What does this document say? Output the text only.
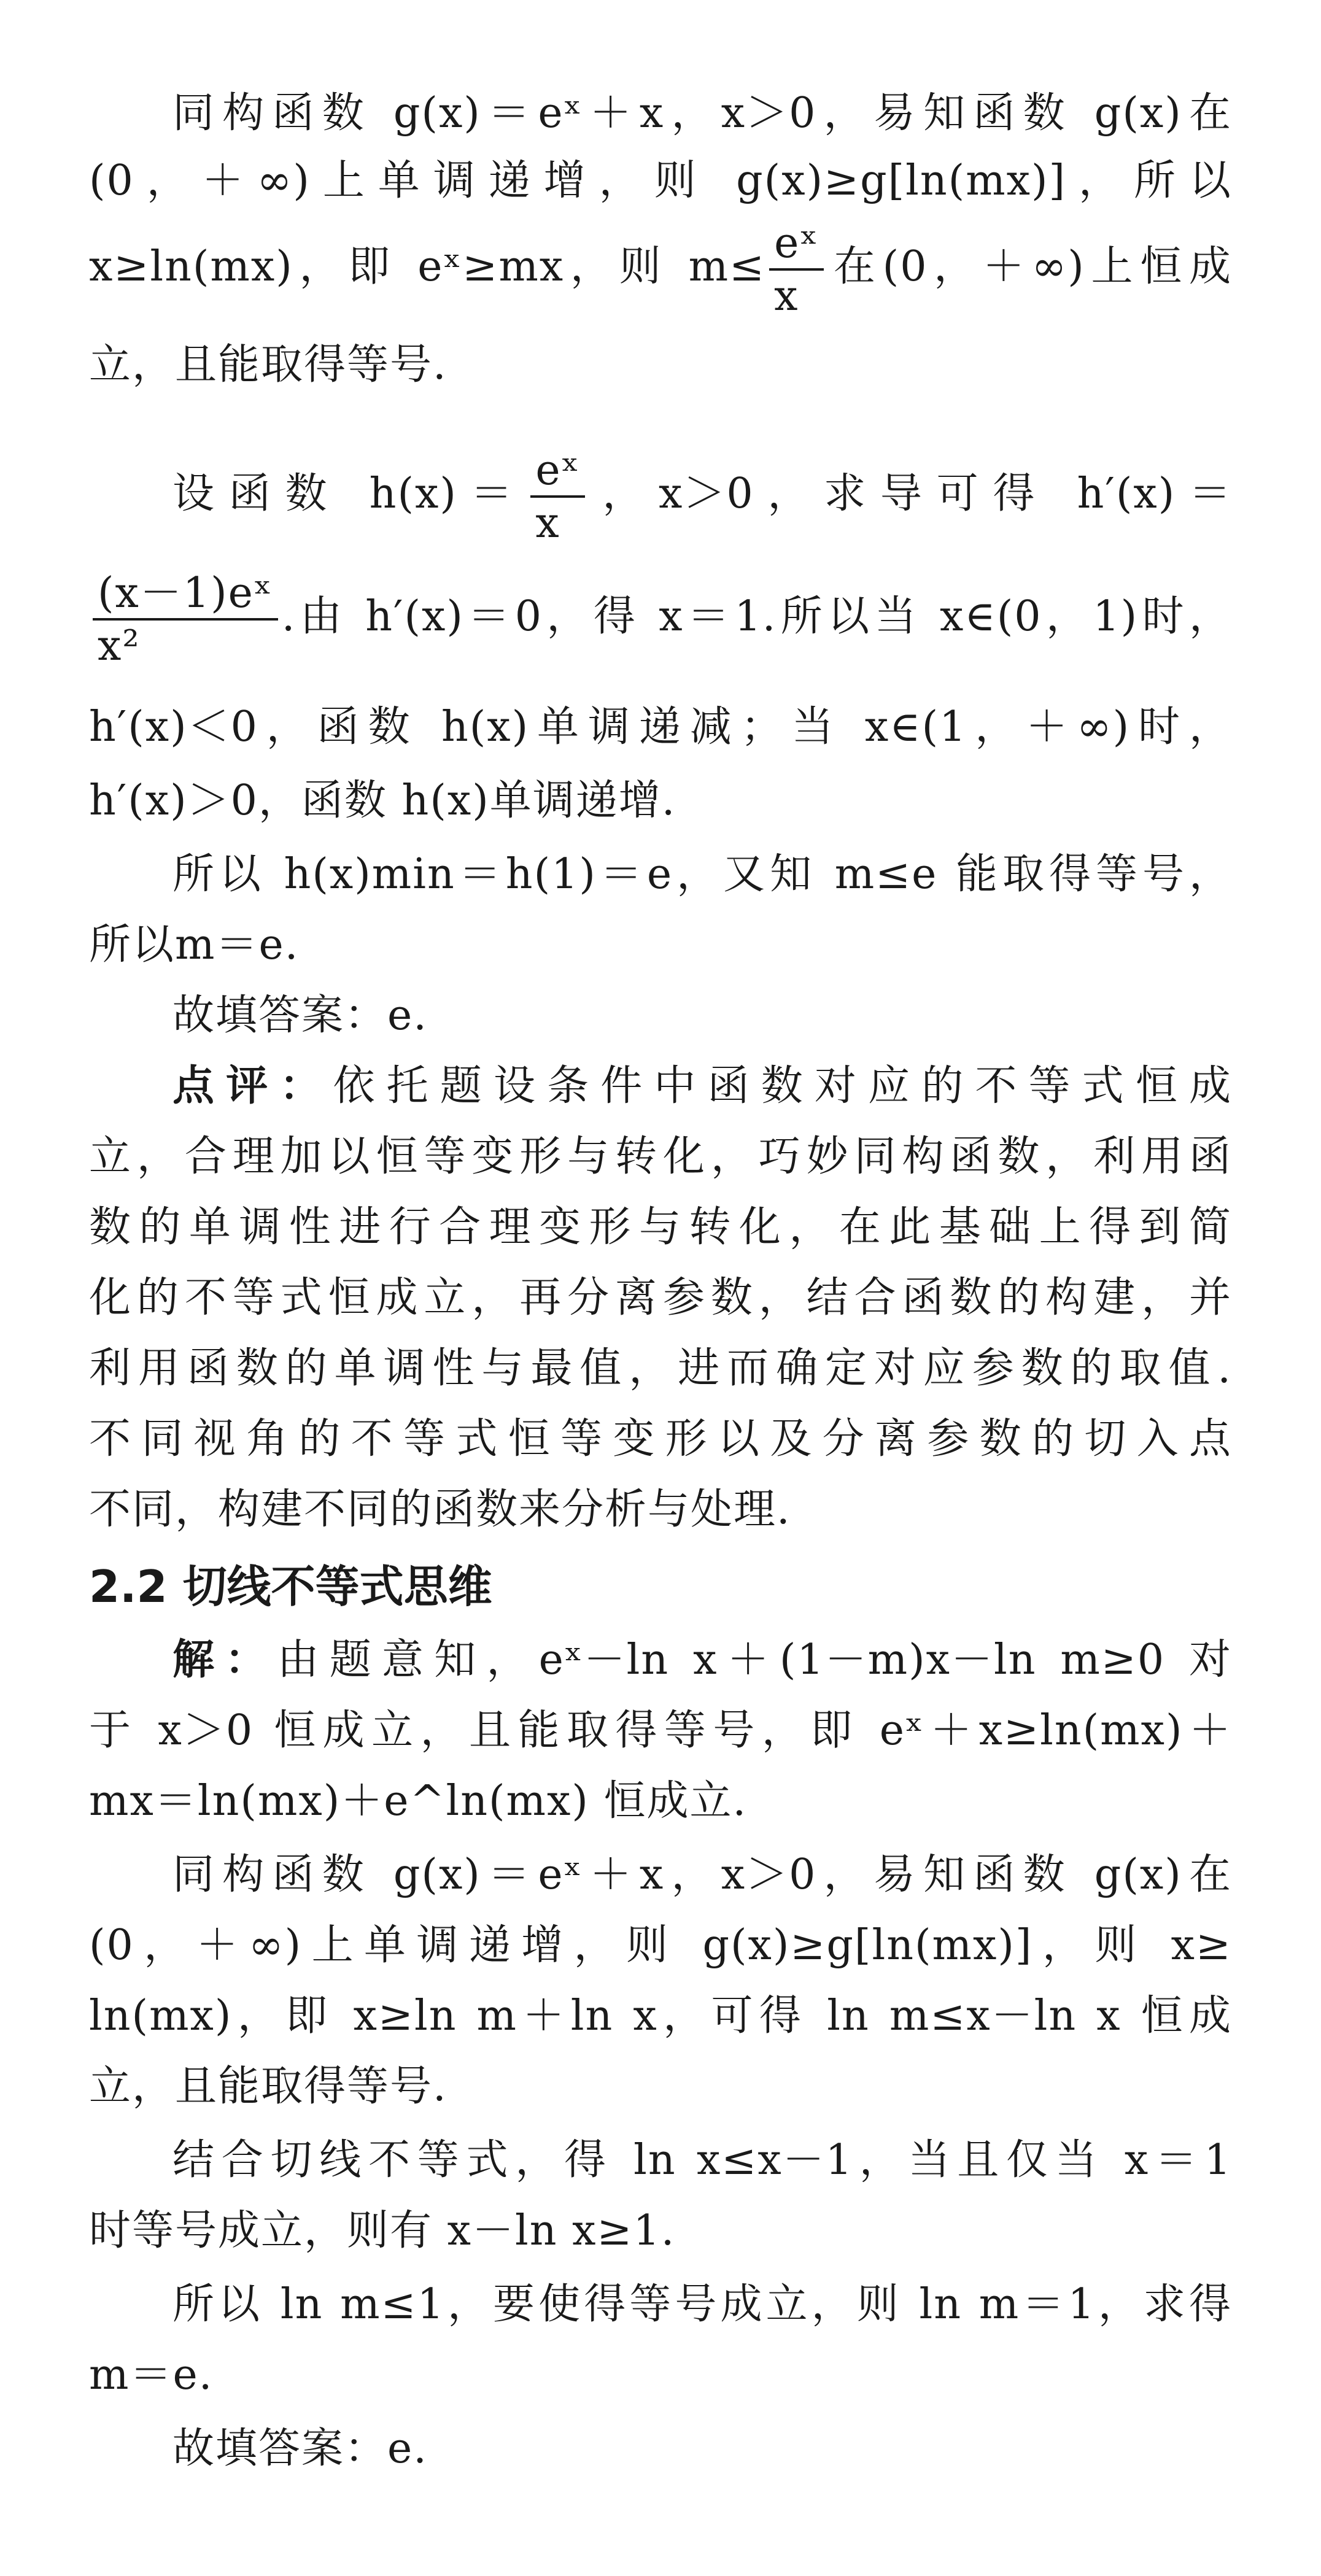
同构函数 g(x)＝eˣ＋x，x＞0，易知函数 g(x)在
(0，＋∞)上单调递增，则 g(x)≥g[ln(mx)]，所以
x≥ln(mx)，即 eˣ≥mx，则 $m\le \frac{\text{eˣ}}{x}$ 在(0，＋∞)上恒成
立，且能取得等号.
设函数 $h(x)= \frac{\text{eˣ}}{x}$ ，x＞0，求导可得 h′(x)＝
$\frac{\text{(x－1)eˣ}}{\text{x²}}$ .由 h′(x)＝0，得 x＝1.所以当 x∈(0，1)时，
h′(x)＜0，函数 h(x)单调递减；当 x∈(1，＋∞)时，
h′(x)＞0，函数 h(x)单调递增.
所以 h(x)min＝h(1)＝e，又知 m≤e 能取得等号，
所以m＝e.
故填答案：e.
点评：依托题设条件中函数对应的不等式恒成
立，合理加以恒等变形与转化，巧妙同构函数，利用函
数的单调性进行合理变形与转化，在此基础上得到简
化的不等式恒成立，再分离参数，结合函数的构建，并
利用函数的单调性与最值，进而确定对应参数的取值.
不同视角的不等式恒等变形以及分离参数的切入点
不同，构建不同的函数来分析与处理.
2.2 切线不等式思维
解：由题意知，eˣ－ln x＋(1－m)x－ln m≥0 对
于 x＞0 恒成立，且能取得等号，即 eˣ＋x≥ln(mx)＋
mx＝ln(mx)＋e^ln(mx) 恒成立.
同构函数 g(x)＝eˣ＋x，x＞0，易知函数 g(x)在
(0，＋∞)上单调递增，则 g(x)≥g[ln(mx)]，则 x≥
ln(mx)，即 x≥ln m＋ln x，可得 ln m≤x－ln x 恒成
立，且能取得等号.
结合切线不等式，得 ln x≤x－1，当且仅当 x＝1
时等号成立，则有 x－ln x≥1.
所以 ln m≤1，要使得等号成立，则 ln m＝1，求得
m＝e.
故填答案：e.
